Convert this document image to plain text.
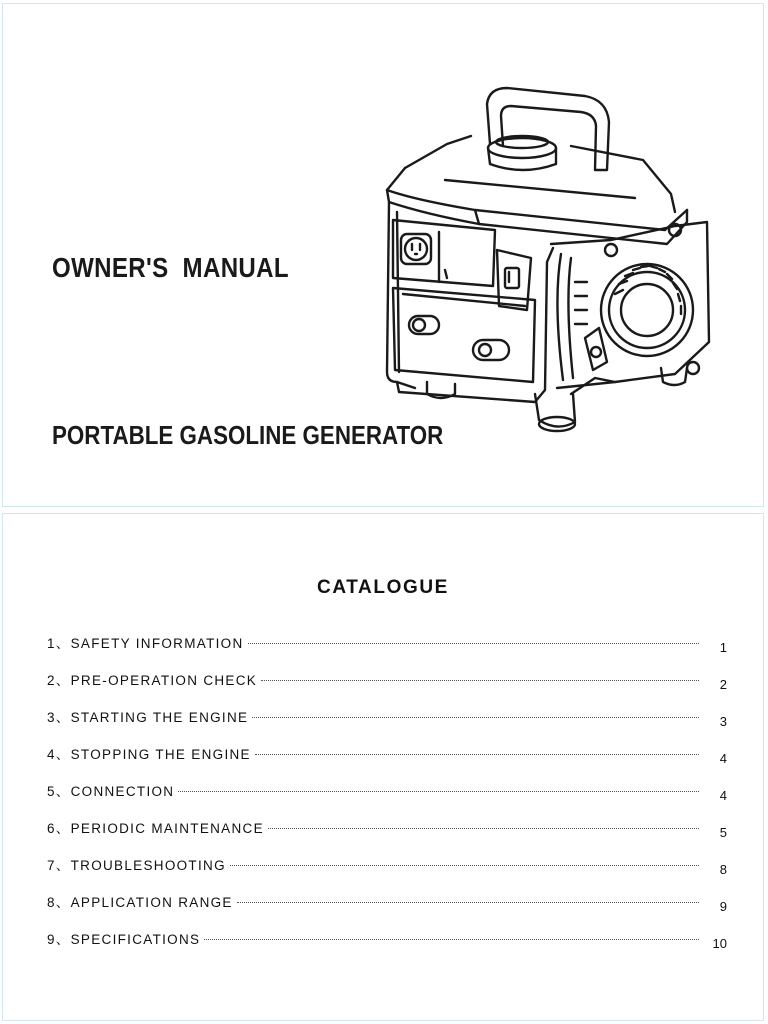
OWNER'S  MANUAL
PORTABLE GASOLINE GENERATOR
CATALOGUE
1、 SAFETY INFORMATION	1
2、 PRE-OPERATION CHECK	2
3、 STARTING THE ENGINE	3
4、 STOPPING THE ENGINE	4
5、 CONNECTION	4
6、 PERIODIC MAINTENANCE	5
7、 TROUBLESHOOTING	8
8、 APPLICATION RANGE	9
9、 SPECIFICATIONS	10
